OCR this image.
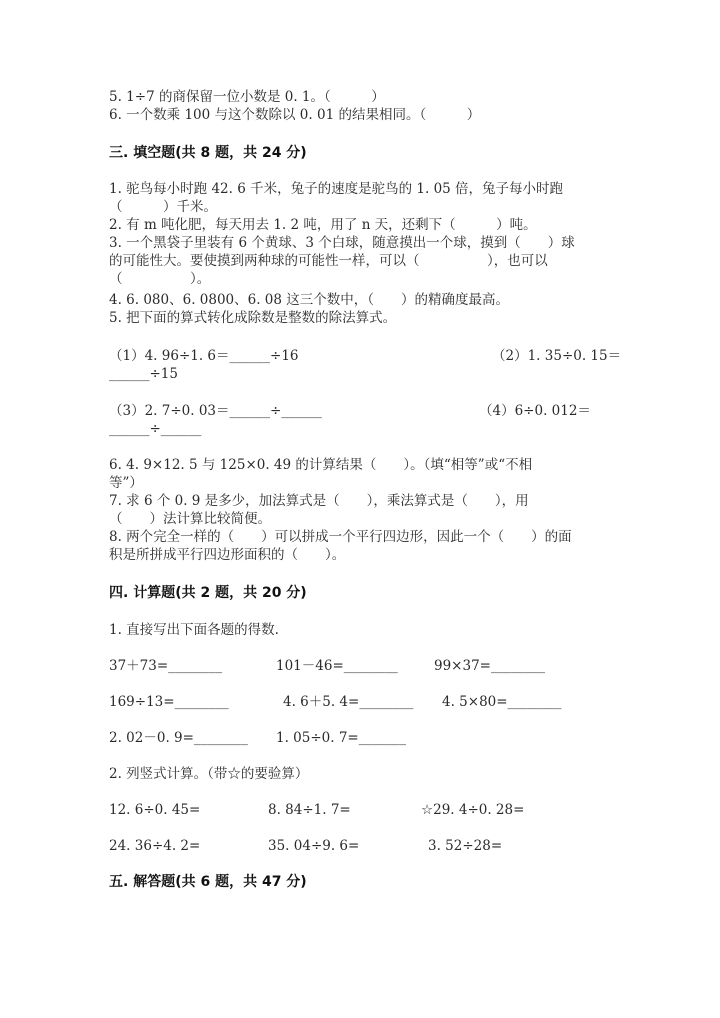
5. 1÷7 的商保留一位小数是 0. 1。（　　　）
6. 一个数乘 100 与这个数除以 0. 01 的结果相同。（　　　）
三. 填空题(共 8 题，共 24 分)
1. 驼鸟每小时跑 42. 6 千米，兔子的速度是驼鸟的 1. 05 倍，兔子每小时跑
（　　　）千米。
2. 有 m 吨化肥，每天用去 1. 2 吨，用了 n 天，还剩下（　　　）吨。
3. 一个黑袋子里装有 6 个黄球、3 个白球，随意摸出一个球，摸到（　　）球
的可能性大。要使摸到两种球的可能性一样，可以（　　　　　），也可以
（　　　　　）。
4. 6. 080、6. 0800、6. 08 这三个数中，（　　）的精确度最高。
5. 把下面的算式转化成除数是整数的除法算式。
（1）4. 96÷1. 6＝______÷16	（2）1. 35÷0. 15＝
______÷15
（3）2. 7÷0. 03＝______÷______	（4）6÷0. 012＝
______÷______
6. 4. 9×12. 5 与 125×0. 49 的计算结果（　　）。（填“相等”或“不相
等”）
7. 求 6 个 0. 9 是多少，加法算式是（　　），乘法算式是（　　），用
（　　）法计算比较简便。
8. 两个完全一样的（　　）可以拼成一个平行四边形，因此一个（　　）的面
积是所拼成平行四边形面积的（　　）。
四. 计算题(共 2 题，共 20 分)
1. 直接写出下面各题的得数.
37＋73=________	101－46=________	99×37=________
169÷13=________	4. 6＋5. 4=________ 4. 5×80=________
2. 02－0. 9=________ 1. 05÷0. 7=_______
2. 列竖式计算。（带☆的要验算）
12. 6÷0. 45=	8. 84÷1. 7=	☆29. 4÷0. 28=
24. 36÷4. 2=	35. 04÷9. 6=	3. 52÷28=
五. 解答题(共 6 题，共 47 分)
